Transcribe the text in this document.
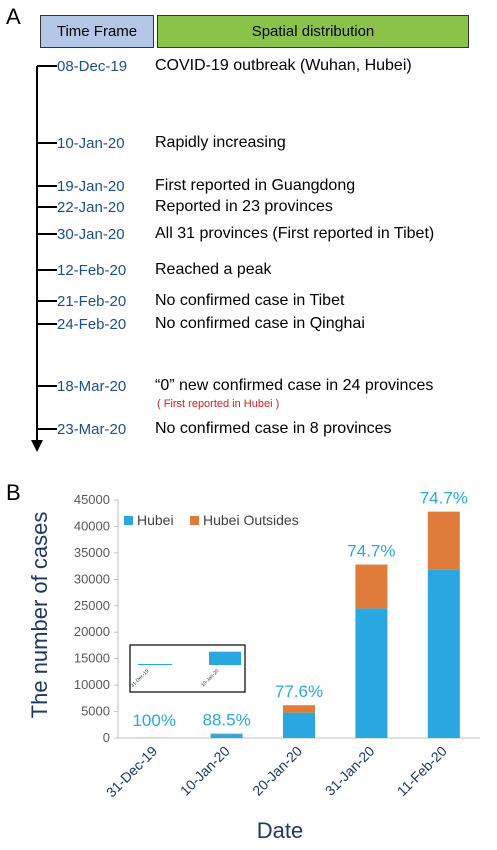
A
Time Frame	Spatial distribution
08-Dec-19	COVID-19 outbreak (Wuhan, Hubei)
10-Jan-20	Rapidly increasing
19-Jan-20	First reported in Guangdong
22-Jan-20	Reported in 23 provinces
30-Jan-20	All 31 provinces (First reported in Tibet)
12-Feb-20	Reached a peak
21-Feb-20	No confirmed case in Tibet
24-Feb-20	No confirmed case in Qinghai
18-Mar-20	“0” new confirmed case in 24 provinces
23-Mar-20	No confirmed case in 8 provinces
( First reported in Hubei )
B
0
5000
10000
15000
20000
25000
30000
35000
40000
45000
31-Dec-19
100%
10-Jan-20
88.5%
20-Jan-20
77.6%
31-Jan-20
74.7%
11-Feb-20
74.7%
31-Dec-19	10-Jan-20
Hubei Hubei Outsides
The number of cases
Date
